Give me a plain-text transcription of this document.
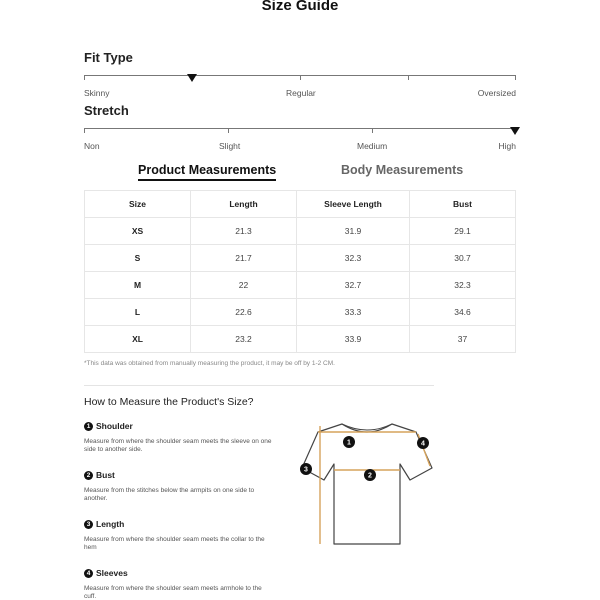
Size Guide
Fit Type
Skinny	Regular	Oversized
Stretch
Non	Slight	Medium	High
Product Measurements	Body Measurements
Size	Length	Sleeve Length	Bust
XS	21.3	31.9	29.1
S	21.7	32.3	30.7
M	22	32.7	32.3
L	22.6	33.3	34.6
XL	23.2	33.9	37
*This data was obtained from manually measuring the product, it may be off by 1-2 CM.
How to Measure the Product's Size?
1 Shoulder
Measure from where the shoulder seam meets the sleeve on one side to another side.
2 Bust
Measure from the stitches below the armpits on one side to another.
3 Length
Measure from where the shoulder seam meets the collar to the hem
4 Sleeves
Measure from where the shoulder seam meets armhole to the cuff.
1
2
3
4
